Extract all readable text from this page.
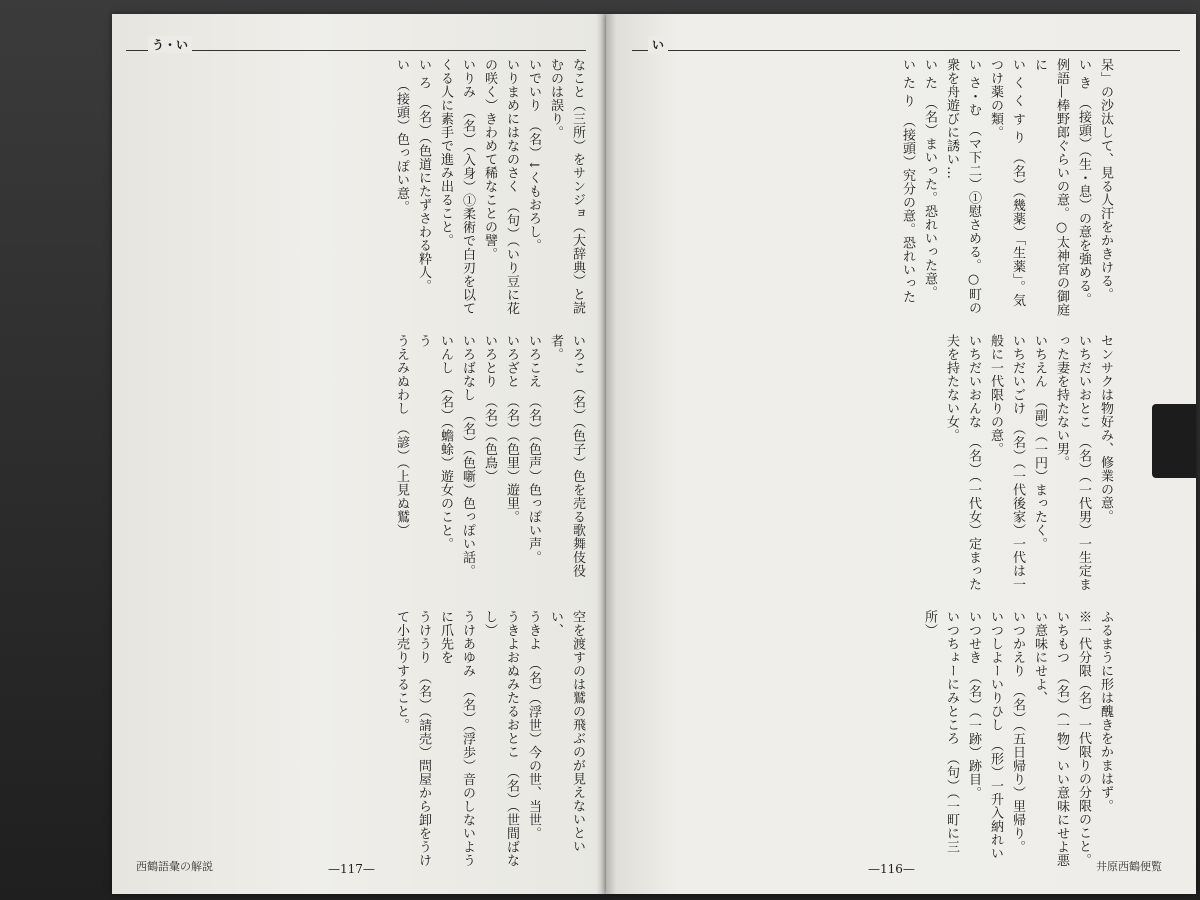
う・い
なこと（三所）をサンジョ（大辞典）と読むのは誤り。
いでいり　（名）↓くもおろし。
いりまめにはなのさく　（句）（いり豆に花の咲く）きわめて稀なことの譬。
いりみ　（名）（入身）①柔術で白刃を以てくる人に素手で進み出ること。
い ろ　（名）（色道にたずさわる粋人。
い　（接頭）色っぽい意。
いろこ　（名）（色子）色を売る歌舞伎役者。
いろこえ　（名）（色声）色っぽい声。
いろざと　（名）（色里）遊里。
いろとり　（名）（色鳥）
いろばなし　（名）（色噺）色っぽい話。
いんし　（名）（蟾蜍）遊女のこと。
う
うえみぬわし　（諺）（上見ぬ鷲）
空を渡すのは鷲の飛ぶのが見えないといい、
うきよ　（名）（浮世）今の世、当世。
うきよおぬみたるおとこ　（名）（世間ばなし）
うけあゆみ　（名）（浮歩）音のしないように爪先を
うけうり　（名）（請売）問屋から卸をうけて小売りすること。
西鶴語彙の解説	—117—
い
呆」の沙汰して、見る人汗をかきける。
い き　（接頭）（生・息）の意を強める。例語—棒野郎ぐらいの意。○太神宮の御庭に
い く く す り　（名）（幾薬）「生薬」。気つけ薬の類。
い さ・む　（マ下二）①慰さめる。○町の衆を舟遊びに誘い…
い た　（名）まいった。恐れいった意。
い た り　（接頭）究分の意。恐れいった
センサクは物好み、修業の意。
いちだいおとこ　（名）（一代男）一生定まった妻を持たない男。
いちえん　（副）（一円）まったく。
いちだいごけ　（名）（一代後家）一代は一般に一代限りの意。
いちだいおんな　（名）（一代女）定まった夫を持たない女。
ふるまうに形は醜きをかまはず。
※一代分限（名）一代限りの分限のこと。
いちもつ　（名）（一物）いい意味にせよ悪い意味にせよ、
いつかえり　（名）（五日帰り）里帰り。
いつしよーいりひし　（形）一升入納れい
いつせき　（名）（一跡）跡目。
いつちょーにみところ　（句）（一町に三所）
—116—	井原西鶴便覧
